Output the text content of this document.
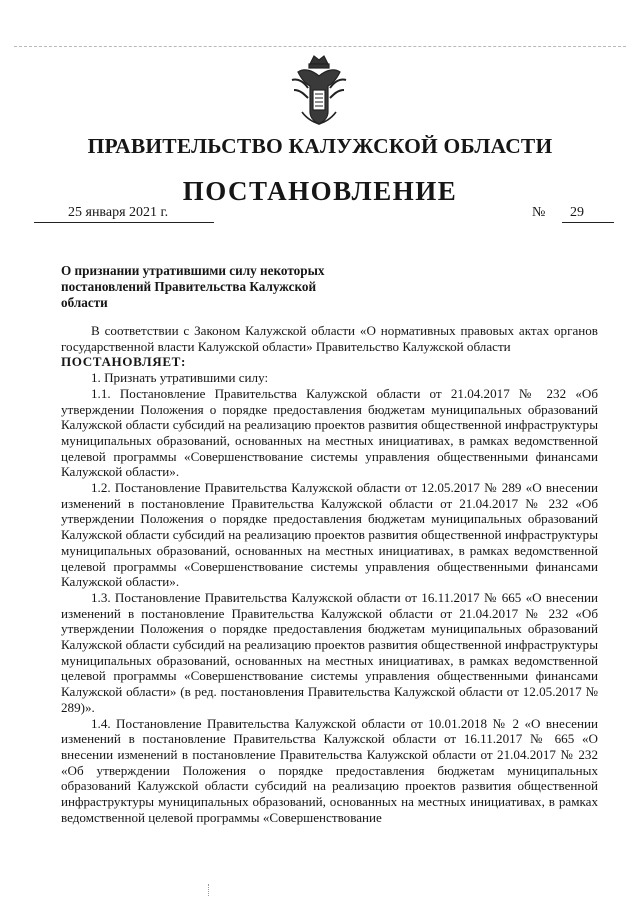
ПРАВИТЕЛЬСТВО КАЛУЖСКОЙ ОБЛАСТИ
ПОСТАНОВЛЕНИЕ
25 января 2021 г.	№	29
О признании утратившими силу некоторых постановлений Правительства Калужской области

В соответствии с Законом Калужской области «О нормативных правовых актах органов государственной власти Калужской области» Правительство Калужской области

ПОСТАНОВЛЯЕТ:

1. Признать утратившими силу:

1.1. Постановление Правительства Калужской области от 21.04.2017 № 232 «Об утверждении Положения о порядке предоставления бюджетам муниципальных образований Калужской области субсидий на реализацию проектов развития общественной инфраструктуры муниципальных образований, основанных на местных инициативах, в рамках ведомственной целевой программы «Совершенствование системы управления общественными финансами Калужской области».

1.2. Постановление Правительства Калужской области от 12.05.2017 № 289 «О внесении изменений в постановление Правительства Калужской области от 21.04.2017 № 232 «Об утверждении Положения о порядке предоставления бюджетам муниципальных образований Калужской области субсидий на реализацию проектов развития общественной инфраструктуры муниципальных образований, основанных на местных инициативах, в рамках ведомственной целевой программы «Совершенствование системы управления общественными финансами Калужской области».

1.3. Постановление Правительства Калужской области от 16.11.2017 № 665 «О внесении изменений в постановление Правительства Калужской области от 21.04.2017 № 232 «Об утверждении Положения о порядке предоставления бюджетам муниципальных образований Калужской области субсидий на реализацию проектов развития общественной инфраструктуры муниципальных образований, основанных на местных инициативах, в рамках ведомственной целевой программы «Совершенствование системы управления общественными финансами Калужской области» (в ред. постановления Правительства Калужской области от 12.05.2017 № 289)».

1.4. Постановление Правительства Калужской области от 10.01.2018 № 2 «О внесении изменений в постановление Правительства Калужской области от 16.11.2017 № 665 «О внесении изменений в постановление Правительства Калужской области от 21.04.2017 № 232 «Об утверждении Положения о порядке предоставления бюджетам муниципальных образований Калужской области субсидий на реализацию проектов развития общественной инфраструктуры муниципальных образований, основанных на местных инициативах, в рамках ведомственной целевой программы «Совершенствование
